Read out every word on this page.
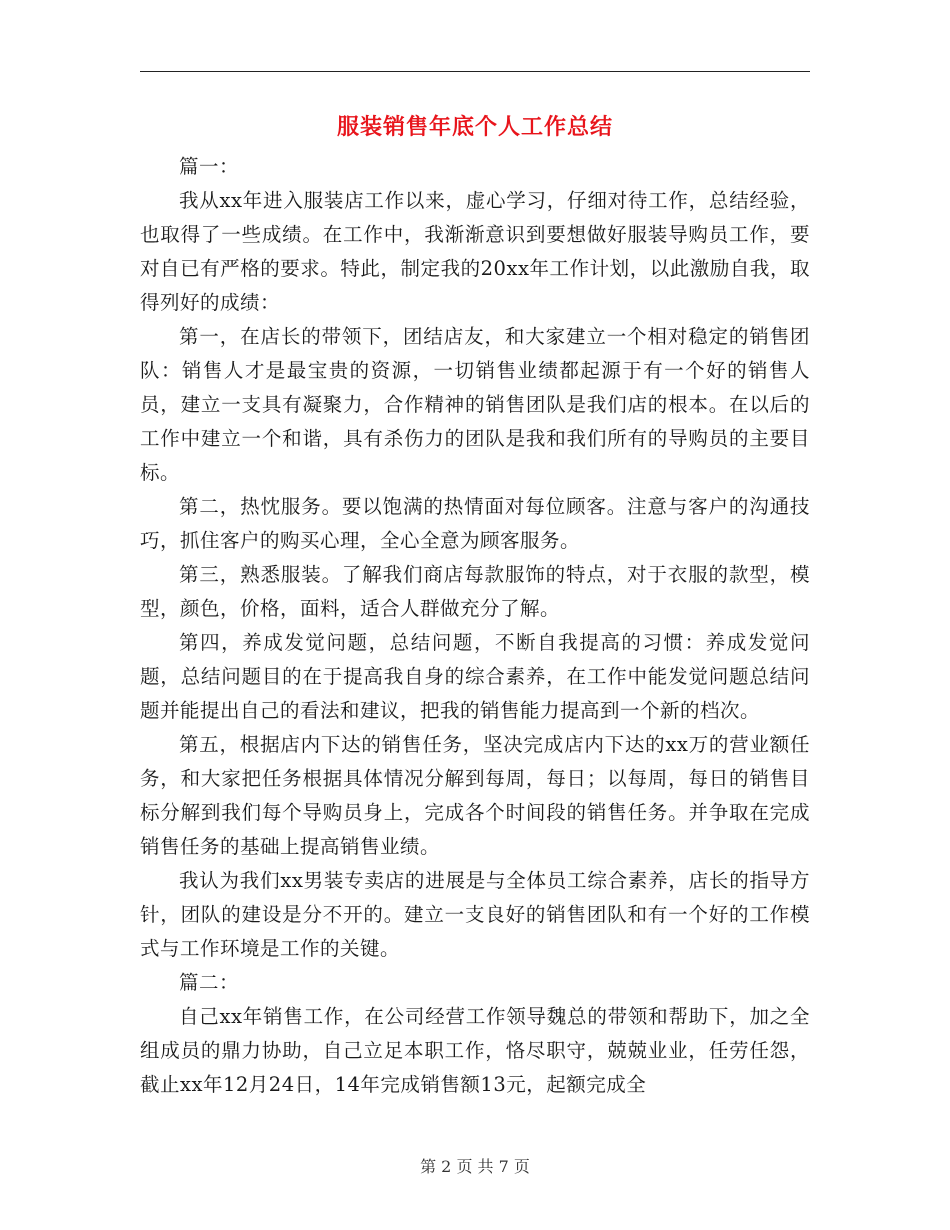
服装销售年底个人工作总结

篇一：

我从xx年进入服装店工作以来，虚心学习，仔细对待工作，总结经验，也取得了一些成绩。在工作中，我渐渐意识到要想做好服装导购员工作，要对自已有严格的要求。特此，制定我的20xx年工作计划，以此激励自我，取得列好的成绩：

第一，在店长的带领下，团结店友，和大家建立一个相对稳定的销售团队：销售人才是最宝贵的资源，一切销售业绩都起源于有一个好的销售人员，建立一支具有凝聚力，合作精神的销售团队是我们店的根本。在以后的工作中建立一个和谐，具有杀伤力的团队是我和我们所有的导购员的主要目标。

第二，热忱服务。要以饱满的热情面对每位顾客。注意与客户的沟通技巧，抓住客户的购买心理，全心全意为顾客服务。

第三，熟悉服装。了解我们商店每款服饰的特点，对于衣服的款型，模型，颜色，价格，面料，适合人群做充分了解。

第四，养成发觉问题，总结问题，不断自我提高的习惯：养成发觉问题，总结问题目的在于提高我自身的综合素养，在工作中能发觉问题总结问题并能提出自己的看法和建议，把我的销售能力提高到一个新的档次。

第五，根据店内下达的销售任务，坚决完成店内下达的xx万的营业额任务，和大家把任务根据具体情况分解到每周，每日；以每周，每日的销售目标分解到我们每个导购员身上，完成各个时间段的销售任务。并争取在完成销售任务的基础上提高销售业绩。

我认为我们xx男装专卖店的进展是与全体员工综合素养，店长的指导方针，团队的建设是分不开的。建立一支良好的销售团队和有一个好的工作模式与工作环境是工作的关键。

篇二：

自己xx年销售工作，在公司经营工作领导魏总的带领和帮助下，加之全组成员的鼎力协助，自己立足本职工作，恪尽职守，兢兢业业，任劳任怨，截止xx年12月24日，14年完成销售额13元，起额完成全

第 2 页 共 7 页
